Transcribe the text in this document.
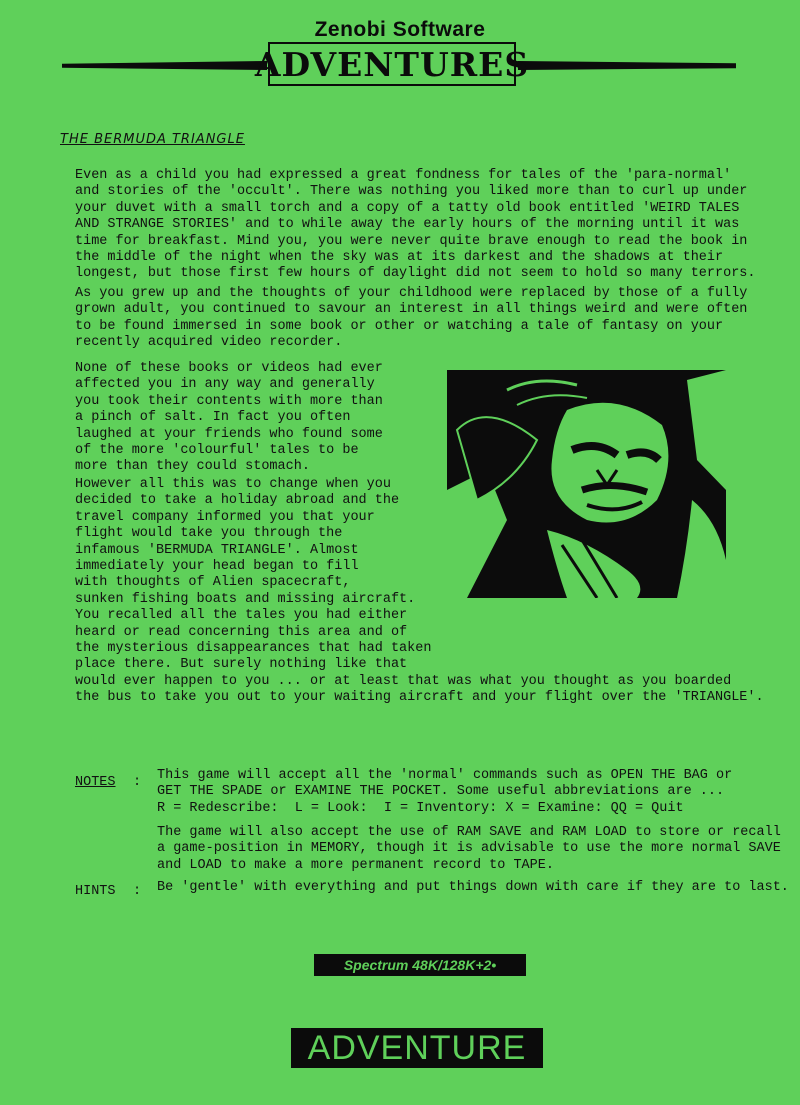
Zenobi Software
ADVENTURES
THE BERMUDA TRIANGLE

Even as a child you had expressed a great fondness for tales of the 'para-normal'
and stories of the 'occult'. There was nothing you liked more than to curl up under
your duvet with a small torch and a copy of a tatty old book entitled 'WEIRD TALES
AND STRANGE STORIES' and to while away the early hours of the morning until it was
time for breakfast. Mind you, you were never quite brave enough to read the book in
the middle of the night when the sky was at its darkest and the shadows at their
longest, but those first few hours of daylight did not seem to hold so many terrors.

As you grew up and the thoughts of your childhood were replaced by those of a fully
grown adult, you continued to savour an interest in all things weird and were often
to be found immersed in some book or other or watching a tale of fantasy on your
recently acquired video recorder.

None of these books or videos had ever
affected you in any way and generally
you took their contents with more than
a pinch of salt. In fact you often
laughed at your friends who found some
of the more 'colourful' tales to be
more than they could stomach.

However all this was to change when you
decided to take a holiday abroad and the
travel company informed you that your
flight would take you through the
infamous 'BERMUDA TRIANGLE'. Almost
immediately your head began to fill
with thoughts of Alien spacecraft,
sunken fishing boats and missing aircraft.
You recalled all the tales you had either
heard or read concerning this area and of
the mysterious disappearances that had taken
place there. But surely nothing like that
would ever happen to you ... or at least that was what you thought as you boarded
the bus to take you out to your waiting aircraft and your flight over the 'TRIANGLE'.

NOTES : This game will accept all the 'normal' commands such as OPEN THE BAG or
GET THE SPADE or EXAMINE THE POCKET. Some useful abbreviations are ...
R = Redescribe:  L = Look:  I = Inventory: X = Examine: QQ = Quit
The game will also accept the use of RAM SAVE and RAM LOAD to store or recall
a game-position in MEMORY, though it is advisable to use the more normal SAVE
and LOAD to make a more permanent record to TAPE.
HINTS : Be 'gentle' with everything and put things down with care if they are to last.
Spectrum 48K/128K+2•
ADVENTURE
